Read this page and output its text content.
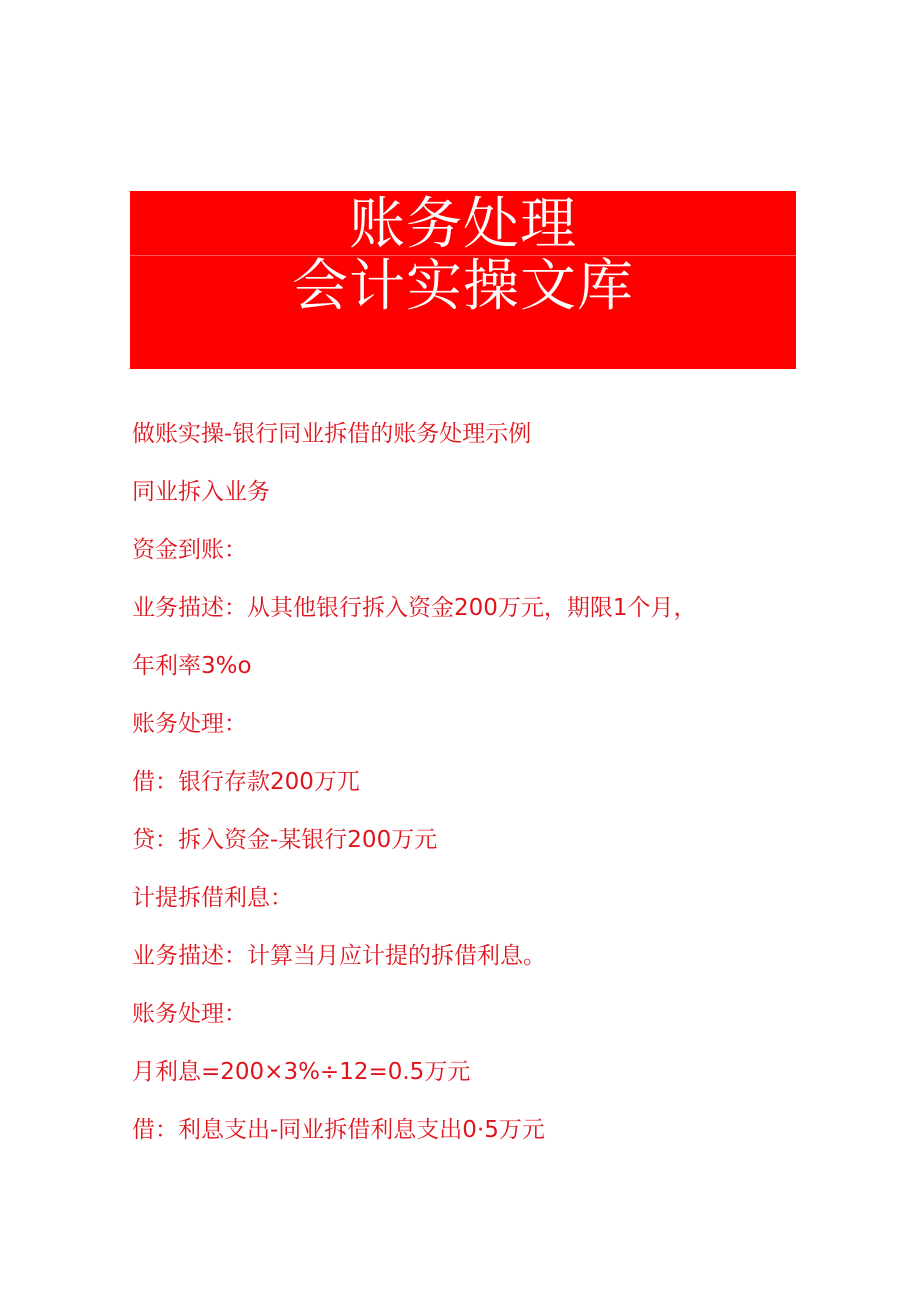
账务处理
会计实操文库

做账实操-银行同业拆借的账务处理示例

同业拆入业务

资金到账：

业务描述：从其他银行拆入资金200万元，期限1个月，

年利率3%o

账务处理：

借：银行存款200万兀

贷：拆入资金-某银行200万元

计提拆借利息：

业务描述：计算当月应计提的拆借利息。

账务处理：

月利息=200×3%÷12=0.5万元

借：利息支出-同业拆借利息支出0·5万元
